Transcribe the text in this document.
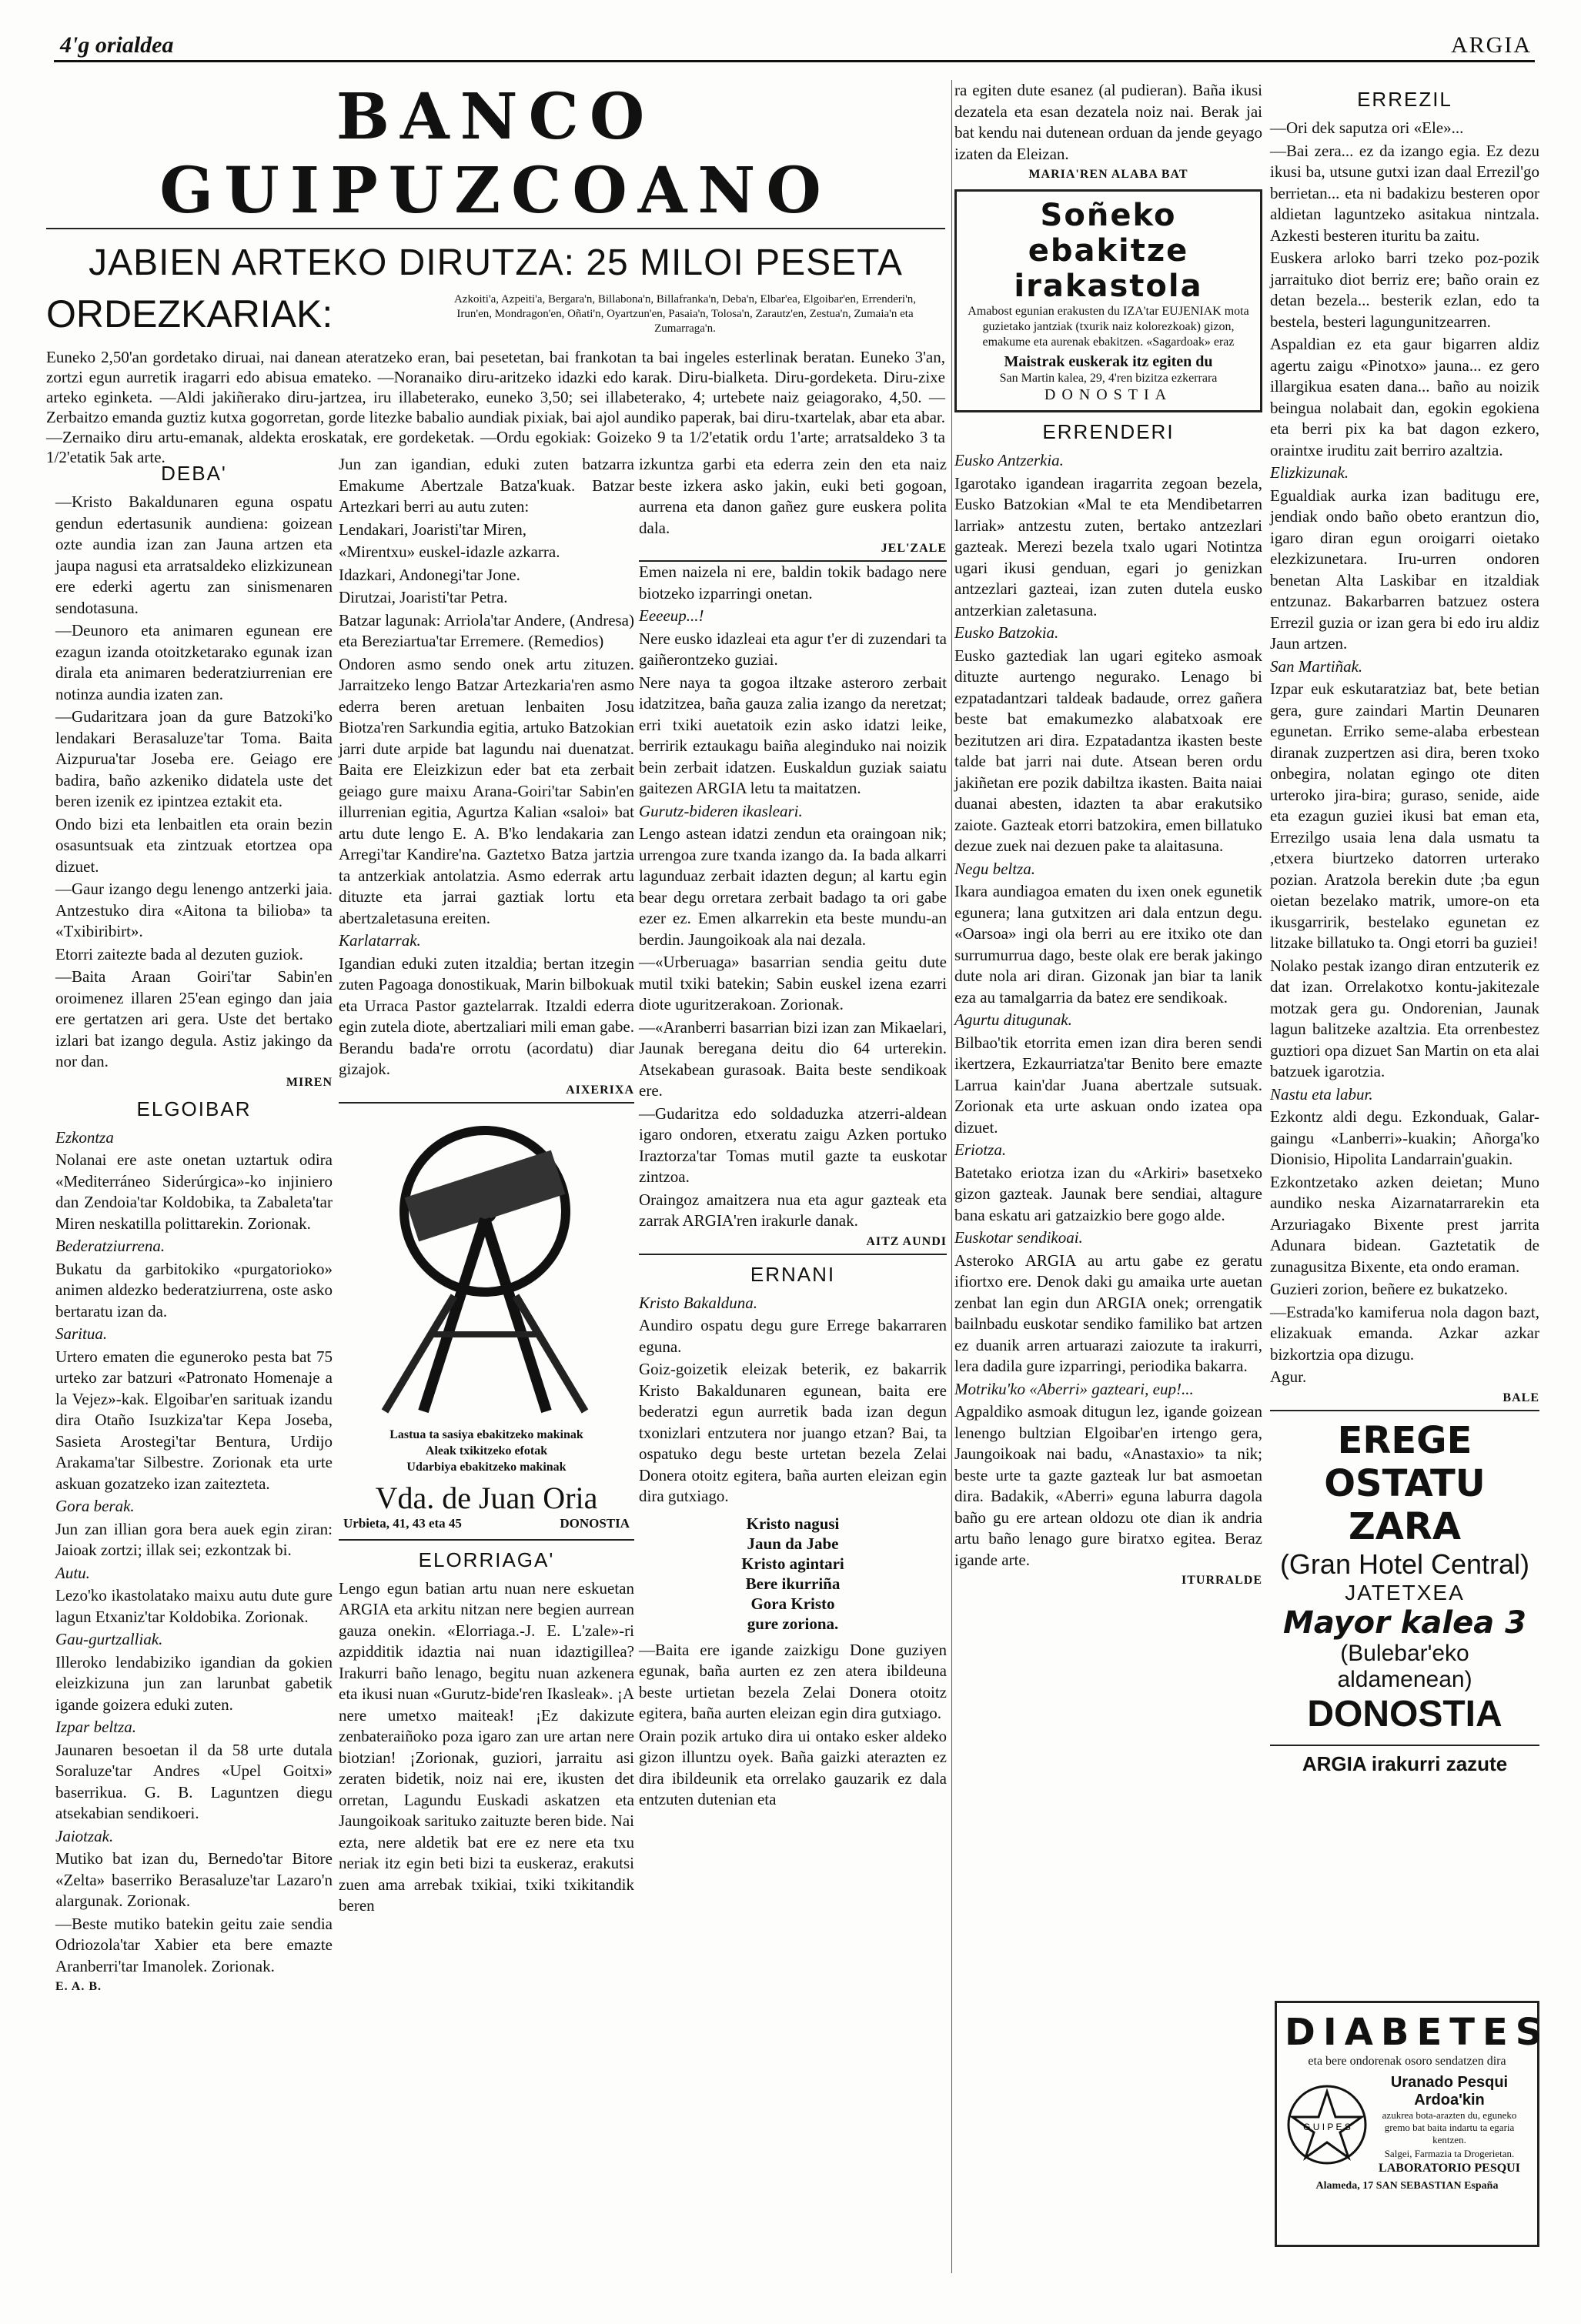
4'g orialdea	ARGIA
BANCO GUIPUZCOANO
JABIEN ARTEKO DIRUTZA: 25 MILOI PESETA
ORDEZKARIAK:	Azkoiti'a, Azpeiti'a, Bergara'n, Billabona'n, Billafranka'n, Deba'n, Elbar'ea, Elgoibar'en, Errenderi'n, Irun'en, Mondragon'en, Oñati'n, Oyartzun'en, Pasaia'n, Tolosa'n, Zarautz'en, Zestua'n, Zumaia'n eta Zumarraga'n.
Euneko 2,50'an gordetako diruai, nai danean ateratzeko eran, bai pesetetan, bai frankotan ta bai ingeles esterlinak beratan. Euneko 3'an, zortzi egun aurretik iragarri edo abisua emateko. —Noranaiko diru-aritzeko idazki edo karak. Diru-bialketa. Diru-gordeketa. Diru-zixe arteko eginketa. —Aldi jakiñerako diru-jartzea, iru illabeterako, euneko 3,50; sei illabeterako, 4; urtebete naiz geiagorako, 4,50. —Zerbaitzo emanda guztiz kutxa gogorretan, gorde litezke babalio aundiak pixiak, bai ajol aundiko paperak, bai diru-txartelak, abar eta abar. —Zernaiko diru artu-emanak, aldekta eroskatak, ere gordeketak. —Ordu egokiak: Goizeko 9 ta 1/2'etatik ordu 1'arte; arratsaldeko 3 ta 1/2'etatik 5ak arte.
DEBA'

—Kristo Bakaldunaren eguna ospatu gendun edertasunik aundiena: goizean ozte aundia izan zan Jauna artzen eta jaupa nagusi eta arratsaldeko elizkizunean ere ederki agertu zan sinismenaren sendotasuna.

—Deunoro eta animaren egunean ere ezagun izanda otoitzketarako egunak izan dirala eta animaren bederatziurrenian ere notinza aundia izaten zan.

—Gudaritzara joan da gure Batzoki'ko lendakari Berasaluze'tar Toma. Baita Aizpurua'tar Joseba ere. Geiago ere badira, baño azkeniko didatela uste det beren izenik ez ipintzea eztakit eta.

Ondo bizi eta lenbaitlen eta orain bezin osasuntsuak eta zintzuak etortzea opa dizuet.

—Gaur izango degu lenengo antzerki jaia. Antzestuko dira «Aitona ta bilioba» ta «Txibiribirt».

Etorri zaitezte bada al dezuten guziok.

—Baita Araan Goiri'tar Sabin'en oroimenez illaren 25'ean egingo dan jaia ere gertatzen ari gera. Uste det bertako izlari bat izango degula. Astiz jakingo da nor dan.

MIREN
ELGOIBAR

Ezkontza

Nolanai ere aste onetan uztartuk odira «Mediterráneo Siderúrgica»-ko injiniero dan Zendoia'tar Koldobika, ta Zabaleta'tar Miren neskatilla polittarekin. Zorionak.

Bederatziurrena.

Bukatu da garbitokiko «purgatorioko» animen aldezko bederatziurrena, oste asko bertaratu izan da.

Saritua.

Urtero ematen die eguneroko pesta bat 75 urteko zar batzuri «Patronato Homenaje a la Vejez»-kak. Elgoibar'en sarituak izandu dira Otaño Isuzkiza'tar Kepa Joseba, Sasieta Arostegi'tar Bentura, Urdijo Arakama'tar Silbestre. Zorionak eta urte askuan gozatzeko izan zaitezteta.

Gora berak.

Jun zan illian gora bera auek egin ziran: Jaioak zortzi; illak sei; ezkontzak bi.

Autu.

Lezo'ko ikastolatako maixu autu dute gure lagun Etxaniz'tar Koldobika. Zorionak.

Gau-gurtzalliak.

Illeroko lendabiziko igandian da gokien eleizkizuna jun zan larunbat gabetik igande goizera eduki zuten.

Izpar beltza.

Jaunaren besoetan il da 58 urte dutala Soraluze'tar Andres «Upel Goitxi» baserrikua. G. B. Laguntzen diegu atsekabian sendikoeri.

Jaiotzak.

Mutiko bat izan du, Bernedo'tar Bitore «Zelta» baserriko Berasaluze'tar Lazaro'n alargunak. Zorionak.

—Beste mutiko batekin geitu zaie sendia Odriozola'tar Xabier eta bere emazte Aranberri'tar Imanolek. Zorionak.

E. A. B.

Jun zan igandian, eduki zuten batzarra Emakume Abertzale Batza'kuak. Batzar Artezkari berri au autu zuten:

Lendakari, Joaristi'tar Miren,

«Mirentxu» euskel-idazle azkarra.

Idazkari, Andonegi'tar Jone.

Dirutzai, Joaristi'tar Petra.

Batzar lagunak: Arriola'tar Andere, (Andresa) eta Bereziartua'tar Erremere. (Remedios)

Ondoren asmo sendo onek artu zituzen. Jarraitzeko lengo Batzar Artezkaria'ren asmo ederra beren aretuan lenbaiten Josu Biotza'ren Sarkundia egitia, artuko Batzokian jarri dute arpide bat lagundu nai duenatzat. Baita ere Eleizkizun eder bat eta zerbait geiago gure maixu Arana-Goiri'tar Sabin'en illurrenian egitia, Agurtza Kalian «saloi» bat artu dute lengo E. A. B'ko lendakaria zan Arregi'tar Kandire'na. Gaztetxo Batza jartzia ta antzerkiak antolatzia. Asmo ederrak artu dituzte eta jarrai gaztiak lortu eta abertzaletasuna ereiten.

Karlatarrak.

Igandian eduki zuten itzaldia; bertan itzegin zuten Pagoaga donostikuak, Marin bilbokuak eta Urraca Pastor gaztelarrak. Itzaldi ederra egin zutela diote, abertzaliari mili eman gabe. Berandu bada're orrotu (acordatu) diar gizajok.

AIXERIXA
Lastua ta sasiya ebakitzeko makinak
Aleak txikitzeko efotak
Udarbiya ebakitzeko makinak
Vda. de Juan Oria
Urbieta, 41, 43 eta 45	DONOSTIA
ELORRIAGA'

Lengo egun batian artu nuan nere eskuetan ARGIA eta arkitu nitzan nere begien aurrean gauza onekin. «Elorriaga.-J. E. L'zale»-ri azpidditik idaztia nai nuan idaztigillea? Irakurri baño lenago, begitu nuan azkenera eta ikusi nuan «Gurutz-bide'ren Ikasleak». ¡A nere umetxo maiteak! ¡Ez dakizute zenbateraiñoko poza igaro zan ure artan nere biotzian! ¡Zorionak, guziori, jarraitu asi zeraten bidetik, noiz nai ere, ikusten det orretan, Lagundu Euskadi askatzen eta Jaungoikoak sarituko zaituzte beren bide. Nai ezta, nere aldetik bat ere ez nere eta txu neriak itz egin beti bizi ta euskeraz, erakutsi zuen ama arrebak txikiai, txiki txikitandik beren

izkuntza garbi eta ederra zein den eta naiz beste izkera asko jakin, euki beti gogoan, aurrena eta danon gañez gure euskera polita dala.

JEL'ZALE

Emen naizela ni ere, baldin tokik badago nere biotzeko izparringi onetan.

Eeeeup...!

Nere eusko idazleai eta agur t'er di zuzendari ta gaiñerontzeko guziai.

Nere naya ta gogoa iltzake asteroro zerbait idatzitzea, baña gauza zalia izango da neretzat; erri txiki auetatoik ezin asko idatzi leike, berririk eztaukagu baiña aleginduko nai noizik bein zerbait idatzen. Euskaldun guziak saiatu gaitezen ARGIA letu ta maitatzen.

Gurutz-bideren ikasleari.

Lengo astean idatzi zendun eta oraingoan nik; urrengoa zure txanda izango da. Ia bada alkarri lagunduaz zerbait idazten degun; al kartu egin bear degu orretara zerbait badago ta ori gabe ezer ez. Emen alkarrekin eta beste mundu-an berdin. Jaungoikoak ala nai dezala.

—«Urberuaga» basarrian sendia geitu dute mutil txiki batekin; Sabin euskel izena ezarri diote uguritzerakoan. Zorionak.

—«Aranberri basarrian bizi izan zan Mikaelari, Jaunak beregana deitu dio 64 urterekin. Atsekabean gurasoak. Baita beste sendikoak ere.

—Gudaritza edo soldaduzka atzerri-aldean igaro ondoren, etxeratu zaigu Azken portuko Iraztorza'tar Tomas mutil gazte ta euskotar zintzoa.

Oraingoz amaitzera nua eta agur gazteak eta zarrak ARGIA'ren irakurle danak.

AITZ AUNDI
ERNANI

Kristo Bakalduna.

Aundiro ospatu degu gure Errege bakarraren eguna.

Goiz-goizetik eleizak beterik, ez bakarrik Kristo Bakaldunaren egunean, baita ere bederatzi egun aurretik bada izan degun txonizlari entzutera nor juango etzan? Bai, ta ospatuko degu beste urtetan bezela Zelai Donera otoitz egitera, baña aurten eleizan egin dira gutxiago.

Kristo nagusi
Jaun da Jabe
Kristo agintari
Bere ikurriña
Gora Kristo
gure zoriona.

—Baita ere igande zaizkigu Done guziyen egunak, baña aurten ez zen atera ibildeuna beste urtietan bezela Zelai Donera otoitz egitera, baña aurten eleizan egin dira gutxiago.

Orain pozik artuko dira ui ontako esker aldeko gizon illuntzu oyek. Baña gaizki aterazten ez dira ibildeunik eta orrelako gauzarik ez dala entzuten dutenian eta

ra egiten dute esanez (al pudieran). Baña ikusi dezatela eta esan dezatela noiz nai. Berak jai bat kendu nai dutenean orduan da jende geyago izaten da Eleizan.

MARIA'REN ALABA BAT
Soñeko ebakitze irakastola
Amabost egunian erakusten du IZA'tar EUJENIAK mota guzietako jantziak (txurik naiz kolorezkoak) gizon, emakume eta aurenak ebakitzen. «Sagardoak» eraz
Maistrak euskerak itz egiten du
San Martin kalea, 29, 4'ren bizitza ezkerrara
DONOSTIA
ERRENDERI

Eusko Antzerkia.

Igarotako igandean iragarrita zegoan bezela, Eusko Batzokian «Mal te eta Mendibetarren larriak» antzestu zuten, bertako antzezlari gazteak. Merezi bezela txalo ugari Notintza ugari ikusi genduan, egari jo genizkan antzezlari gazteai, izan zuten dutela eusko antzerkian zaletasuna.

Eusko Batzokia.

Eusko gaztediak lan ugari egiteko asmoak dituzte aurtengo negurako. Lenago bi ezpatadantzari taldeak badaude, orrez gañera beste bat emakumezko alabatxoak ere bezitutzen ari dira. Ezpatadantza ikasten beste talde bat jarri nai dute. Atsean beren ordu jakiñetan ere pozik dabiltza ikasten. Baita naiai duanai abesten, idazten ta abar erakutsiko zaiote. Gazteak etorri batzokira, emen billatuko dezue zuek nai dezuen pake ta alaitasuna.

Negu beltza.

Ikara aundiagoa ematen du ixen onek egunetik egunera; lana gutxitzen ari dala entzun degu. «Oarsoa» ingi ola berri au ere itxiko ote dan surrumurrua dago, beste olak ere berak jakingo dute nola ari diran. Gizonak jan biar ta lanik eza au tamalgarria da batez ere sendikoak.

Agurtu ditugunak.

Bilbao'tik etorrita emen izan dira beren sendi ikertzera, Ezkaurriatza'tar Benito bere emazte Larrua kain'dar Juana abertzale sutsuak. Zorionak eta urte askuan ondo izatea opa dizuet.

Eriotza.

Batetako eriotza izan du «Arkiri» basetxeko gizon gazteak. Jaunak bere sendiai, altagure bana eskatu ari gatzaizkio bere gogo alde.

Euskotar sendikoai.

Asteroko ARGIA au artu gabe ez geratu ifiortxo ere. Denok daki gu amaika urte auetan zenbat lan egin dun ARGIA onek; orrengatik bailnbadu euskotar sendiko familiko bat artzen ez duanik arren artuarazi zaiozute ta irakurri, lera dadila gure izparringi, periodika bakarra.

Motriku'ko «Aberri» gazteari, eup!...

Agpaldiko asmoak ditugun lez, igande goizean lenengo bultzian Elgoibar'en irtengo gera, Jaungoikoak nai badu, «Anastaxio» ta nik; beste urte ta gazte gazteak lur bat asmoetan dira. Badakik, «Aberri» eguna laburra dagola baño gu ere artean oldozu ote dian ik andria artu baño lenago gure biratxo egitea. Beraz igande arte.

ITURRALDE
ERREZIL

—Ori dek saputza ori «Ele»...

—Bai zera... ez da izango egia. Ez dezu ikusi ba, utsune gutxi izan daal Errezil'go berrietan... eta ni badakizu besteren opor aldietan laguntzeko asitakua nintzala. Azkesti besteren ituritu ba zaitu.

Euskera arloko barri tzeko poz-pozik jarraituko diot berriz ere; baño orain ez detan bezela... besterik ezlan, edo ta bestela, besteri lagungunitzearren.

Aspaldian ez eta gaur bigarren aldiz agertu zaigu «Pinotxo» jauna... ez gero illargikua esaten dana... baño au noizik beingua nolabait dan, egokin egokiena eta berri pix ka bat dagon ezkero, oraintxe iruditu zait berriro azaltzia.

Elizkizunak.

Egualdiak aurka izan baditugu ere, jendiak ondo baño obeto erantzun dio, igaro diran egun oroigarri oietako elezkizunetara. Iru-urren ondoren benetan Alta Laskibar en itzaldiak entzunaz. Bakarbarren batzuez ostera Errezil guzia or izan gera bi edo iru aldiz Jaun artzen.

San Martiñak.

Izpar euk eskutaratziaz bat, bete betian gera, gure zaindari Martin Deunaren egunetan. Erriko seme-alaba erbestean diranak zuzpertzen asi dira, beren txoko onbegira, nolatan egingo ote diten urteroko jira-bira; guraso, senide, aide eta ezagun guziei ikusi bat eman eta, Errezilgo usaia lena dala usmatu ta ,etxera biurtzeko datorren urterako pozian. Aratzola berekin dute ;ba egun oietan bezelako matrik, umore-on eta ikusgarririk, bestelako egunetan ez litzake billatuko ta. Ongi etorri ba guziei!

Nolako pestak izango diran entzuterik ez dat izan. Orrelakotxo kontu-jakitezale motzak gera gu. Ondorenian, Jaunak lagun balitzeke azaltzia. Eta orrenbestez guztiori opa dizuet San Martin on eta alai batzuek igarotzia.

Nastu eta labur.

Ezkontz aldi degu. Ezkonduak, Galar-gaingu «Lanberri»-kuakin; Añorga'ko Dionisio, Hipolita Landarrain'guakin.

Ezkontzetako azken deietan; Muno aundiko neska Aizarnatarrarekin eta Arzuriagako Bixente prest jarrita Adunara bidean. Gaztetatik de zunagusitza Bixente, eta ondo eraman.

Guzieri zorion, beñere ez bukatzeko.

—Estrada'ko kamiferua nola dagon bazt, elizakuak emanda. Azkar azkar bizkortzia opa dizugu.

Agur.

BALE
EREGE OSTATU ZARA
(Gran Hotel Central)
JATETXEA
Mayor kalea 3
(Bulebar'eko aldamenean)
DONOSTIA
ARGIA irakurri zazute
DIABETES
eta bere ondorenak osoro sendatzen dira
G U I P E S
Uranado Pesqui Ardoa'kin
azukrea bota-arazten du, eguneko gremo bat baita indartu ta egaria kentzen.
Salgei, Farmazia ta Drogerietan.
LABORATORIO PESQUI
Alameda, 17 SAN SEBASTIAN España
